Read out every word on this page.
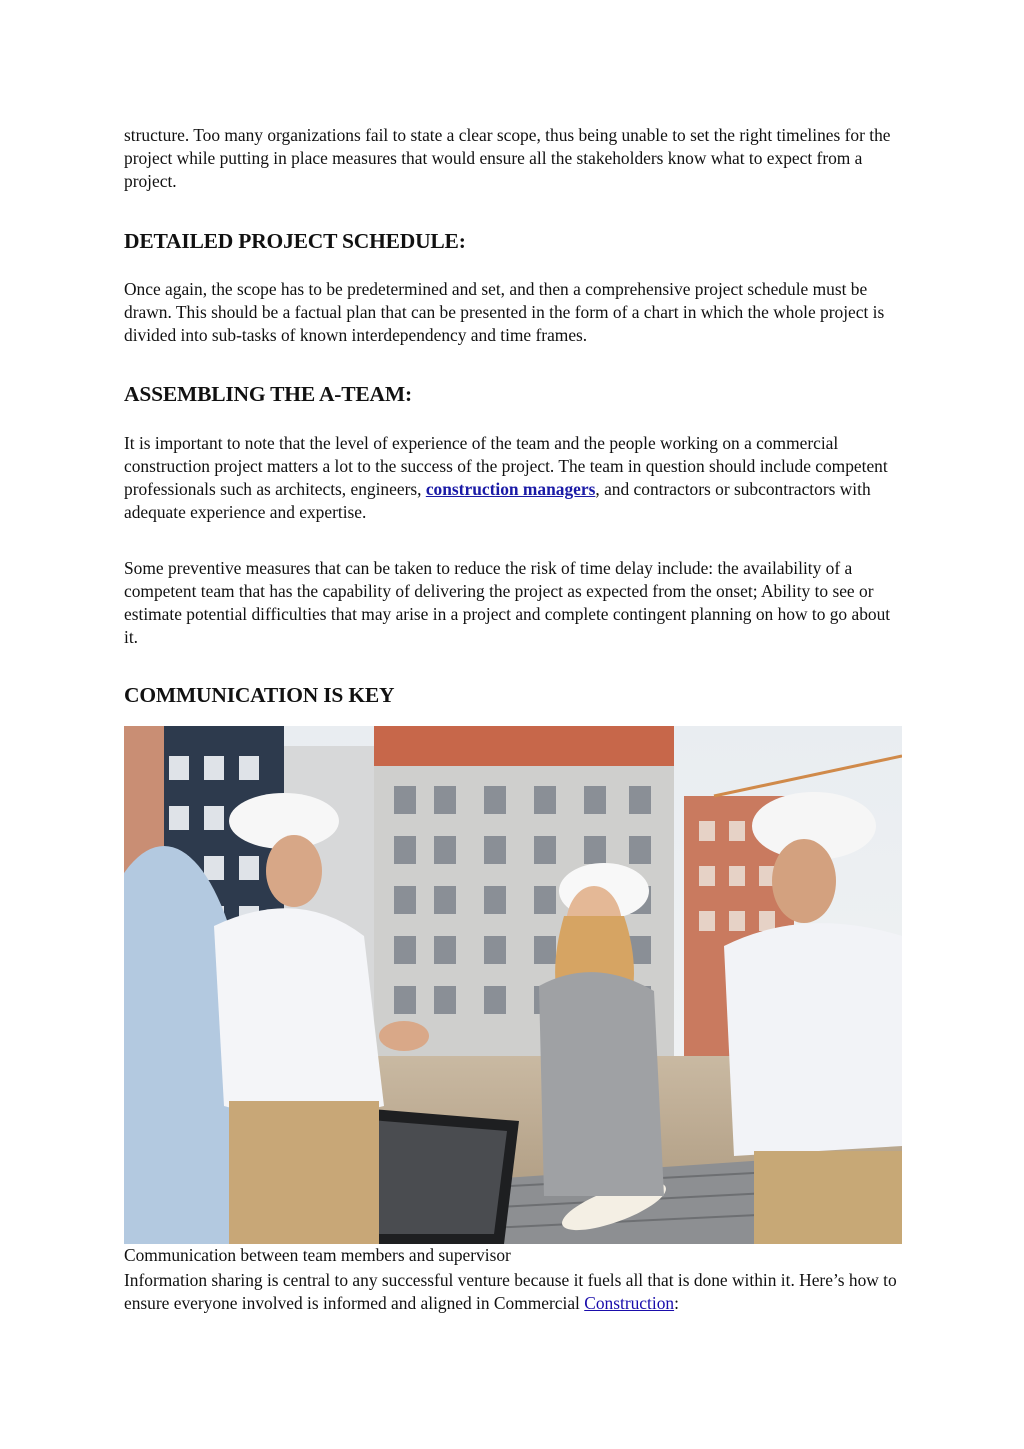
structure. Too many organizations fail to state a clear scope, thus being unable to set the right timelines for the project while putting in place measures that would ensure all the stakeholders know what to expect from a project.

DETAILED PROJECT SCHEDULE:

Once again, the scope has to be predetermined and set, and then a comprehensive project schedule must be drawn. This should be a factual plan that can be presented in the form of a chart in which the whole project is divided into sub-tasks of known interdependency and time frames.

ASSEMBLING THE A-TEAM:

It is important to note that the level of experience of the team and the people working on a commercial construction project matters a lot to the success of the project. The team in question should include competent professionals such as architects, engineers, construction managers, and contractors or subcontractors with adequate experience and expertise.

Some preventive measures that can be taken to reduce the risk of time delay include: the availability of a competent team that has the capability of delivering the project as expected from the onset; Ability to see or estimate potential difficulties that may arise in a project and complete contingent planning on how to go about it.

COMMUNICATION IS KEY

Communication between team members and supervisor

Information sharing is central to any successful venture because it fuels all that is done within it. Here’s how to ensure everyone involved is informed and aligned in Commercial Construction:
